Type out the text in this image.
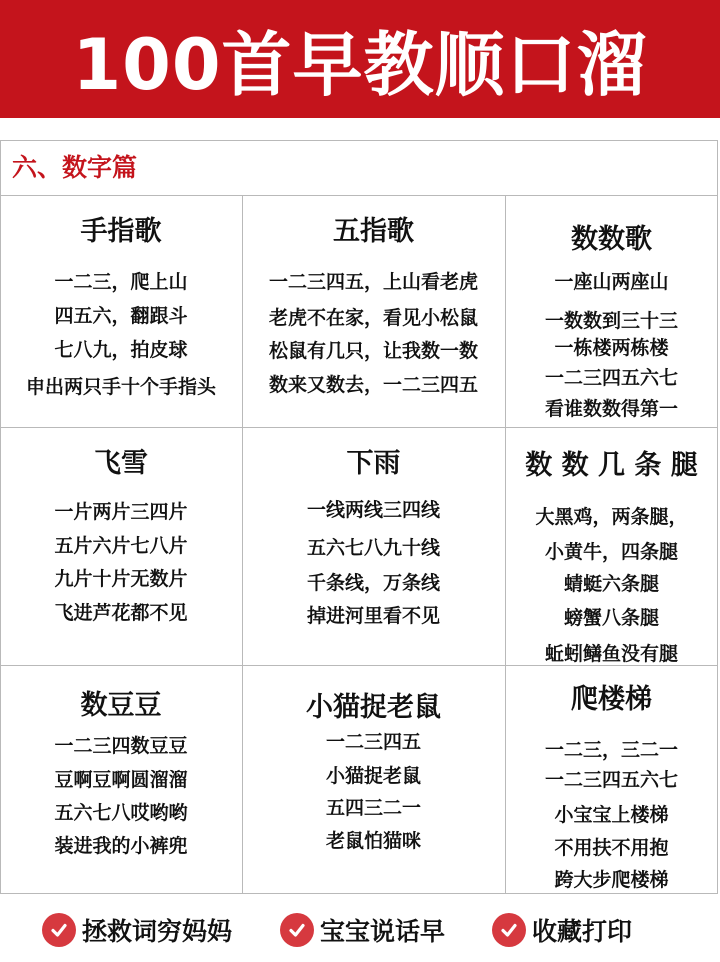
100首早教顺口溜
六、数字篇
手指歌
一二三，爬上山
四五六，翻跟斗
七八九，拍皮球
申出两只手十个手指头
五指歌
一二三四五，上山看老虎
老虎不在家，看见小松鼠
松鼠有几只，让我数一数
数来又数去，一二三四五
数数歌
一座山两座山
一数数到三十三
一栋楼两栋楼
一二三四五六七
看谁数数得第一
飞雪
一片两片三四片
五片六片七八片
九片十片无数片
飞进芦花都不见
下雨
一线两线三四线
五六七八九十线
千条线，万条线
掉进河里看不见
数 数 几 条 腿
大黑鸡，两条腿，
小黄牛，四条腿
蜻蜓六条腿
螃蟹八条腿
蚯蚓鳝鱼没有腿
数豆豆
一二三四数豆豆
豆啊豆啊圆溜溜
五六七八哎哟哟
装进我的小裤兜
小猫捉老鼠
一二三四五
小猫捉老鼠
五四三二一
老鼠怕猫咪
爬楼梯
一二三，三二一
一二三四五六七
小宝宝上楼梯
不用扶不用抱
跨大步爬楼梯
拯救词穷妈妈	宝宝说话早	收藏打印
